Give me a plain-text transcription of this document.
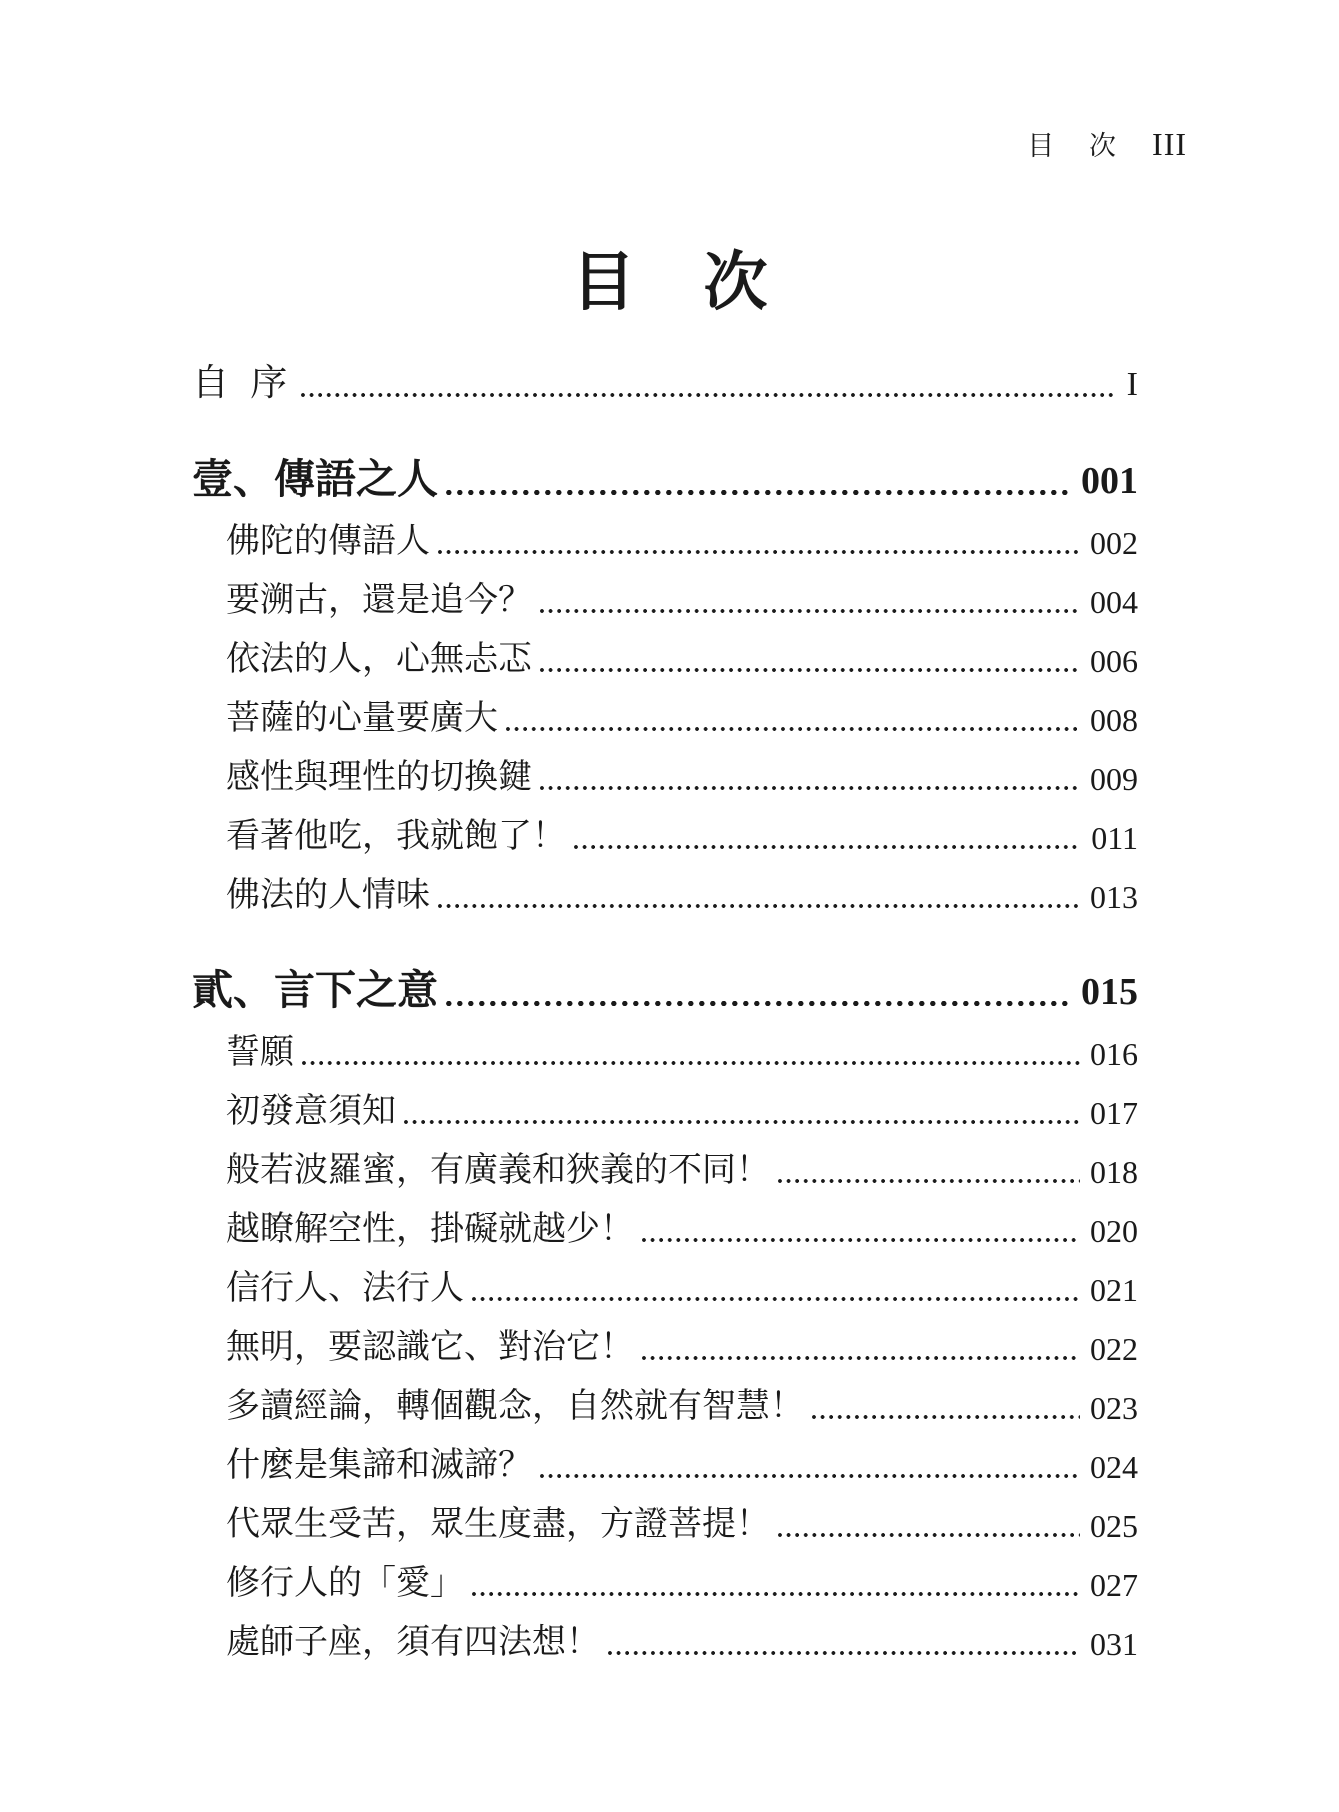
目 次 III
目 次
自 序	I
壹、傳語之人	001
佛陀的傳語人	002
要溯古，還是追今？	004
依法的人，心無忐忑	006
菩薩的心量要廣大	008
感性與理性的切換鍵	009
看著他吃，我就飽了！	011
佛法的人情味	013
貳、言下之意	015
誓願	016
初發意須知	017
般若波羅蜜，有廣義和狹義的不同！	018
越瞭解空性，掛礙就越少！	020
信行人、法行人	021
無明，要認識它、對治它！	022
多讀經論，轉個觀念，自然就有智慧！	023
什麼是集諦和滅諦？	024
代眾生受苦，眾生度盡，方證菩提！	025
修行人的「愛」	027
處師子座，須有四法想！	031
